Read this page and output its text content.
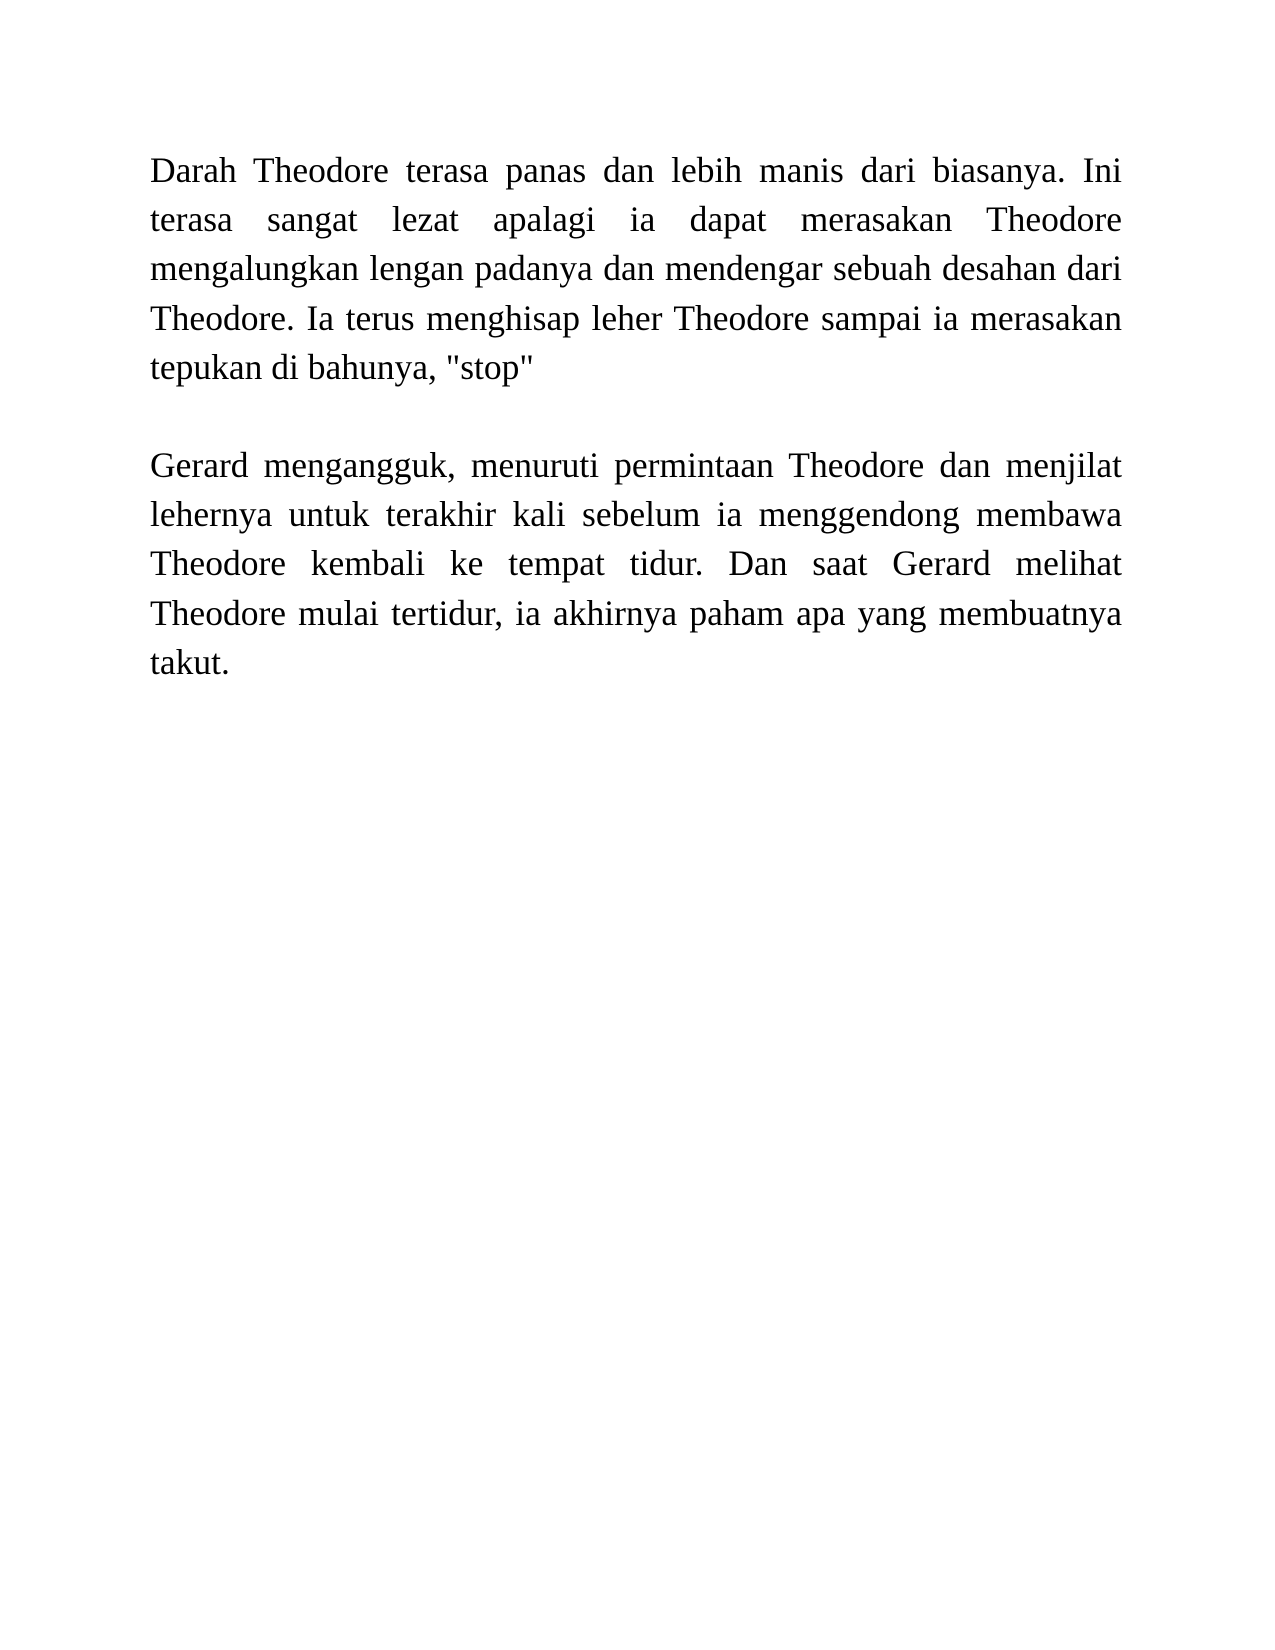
Darah Theodore terasa panas dan lebih manis dari biasanya. Ini terasa sangat lezat apalagi ia dapat merasakan Theodore mengalungkan lengan padanya dan mendengar sebuah desahan dari Theodore. Ia terus menghisap leher Theodore sampai ia merasakan tepukan di bahunya, "stop"

Gerard mengangguk, menuruti permintaan Theodore dan menjilat lehernya untuk terakhir kali sebelum ia menggendong membawa Theodore kembali ke tempat tidur. Dan saat Gerard melihat Theodore mulai tertidur, ia akhirnya paham apa yang membuatnya takut.
